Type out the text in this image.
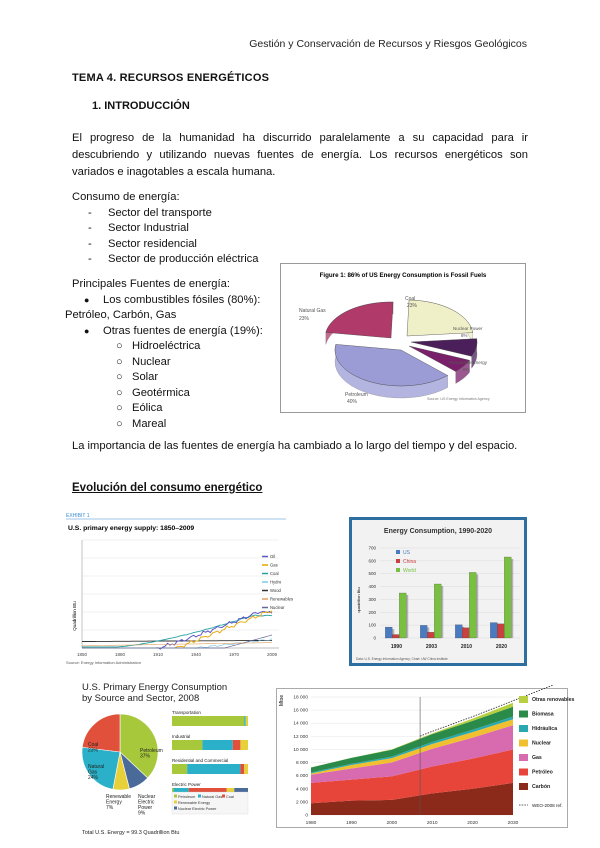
Gestión y Conservación de Recursos y Riesgos Geológicos
TEMA 4. RECURSOS ENERGÉTICOS
1. INTRODUCCIÓN
El progreso de la humanidad ha discurrido paralelamente a su capacidad para ir descubriendo y utilizando nuevas fuentes de energía. Los recursos energéticos son variados e inagotables a escala humana.
Consumo de energía:
- Sector del transporte
- Sector Industrial
- Sector residencial
- Sector de producción eléctrica
Principales Fuentes de energía:
● Los combustibles fósiles (80%):
Petróleo, Carbón, Gas
● Otras fuentes de energía (19%):
○ Hidroeléctrica
○ Nuclear
○ Solar
○ Geotérmica
○ Eólica
○ Mareal
Figure 1: 86% of US Energy Consumption is Fossil Fuels
Natural Gas
23%
Coal
23%
Nuclear Power
8%
Renewable Energy
6%
Petroleum
40%	Source: US Energy Information Agency
La importancia de las fuentes de energía ha cambiado a lo largo del tiempo y del espacio.
Evolución del consumo energético
EXHIBIT 1
U.S. primary energy supply: 1850–2009
Quadrillion Btu
1850	1880	1910	1940	1970	2009
Oil
Gas
Coal
Hydro
Wood
Renewables
Nuclear
Source: Energy Information Administration
Energy Consumption, 1990-2020
0
100
200
300
400
500
600
700
1990	2003	2010	2020
quadrillion Btu
US
China
World
Data: U.S. Energy Information Agency; Chart: UW China Institute
U.S. Primary Energy Consumption
by Source and Sector, 2008
Petroleum
37%
Coal
23%
Natural
Gas
24%
Renewable
Energy
7%
Nuclear
Electric
Power
9%
Transportation
Industrial
Residential and Commercial
Electric Power
Petroleum Natural Gas Coal
Renewable Energy
Nuclear Electric Power
Total U.S. Energy = 99.3 Quadrillion Btu
Mtoe
0
2 000
4 000
6 000
8 000
10 000
12 000
14 000
16 000
18 000
1980	1990	2000	2010	2020	2030
Otras renovables
Biomasa
Hidráulica
Nuclear
Gas
Petróleo
Carbón
WEO-2008 ref.
